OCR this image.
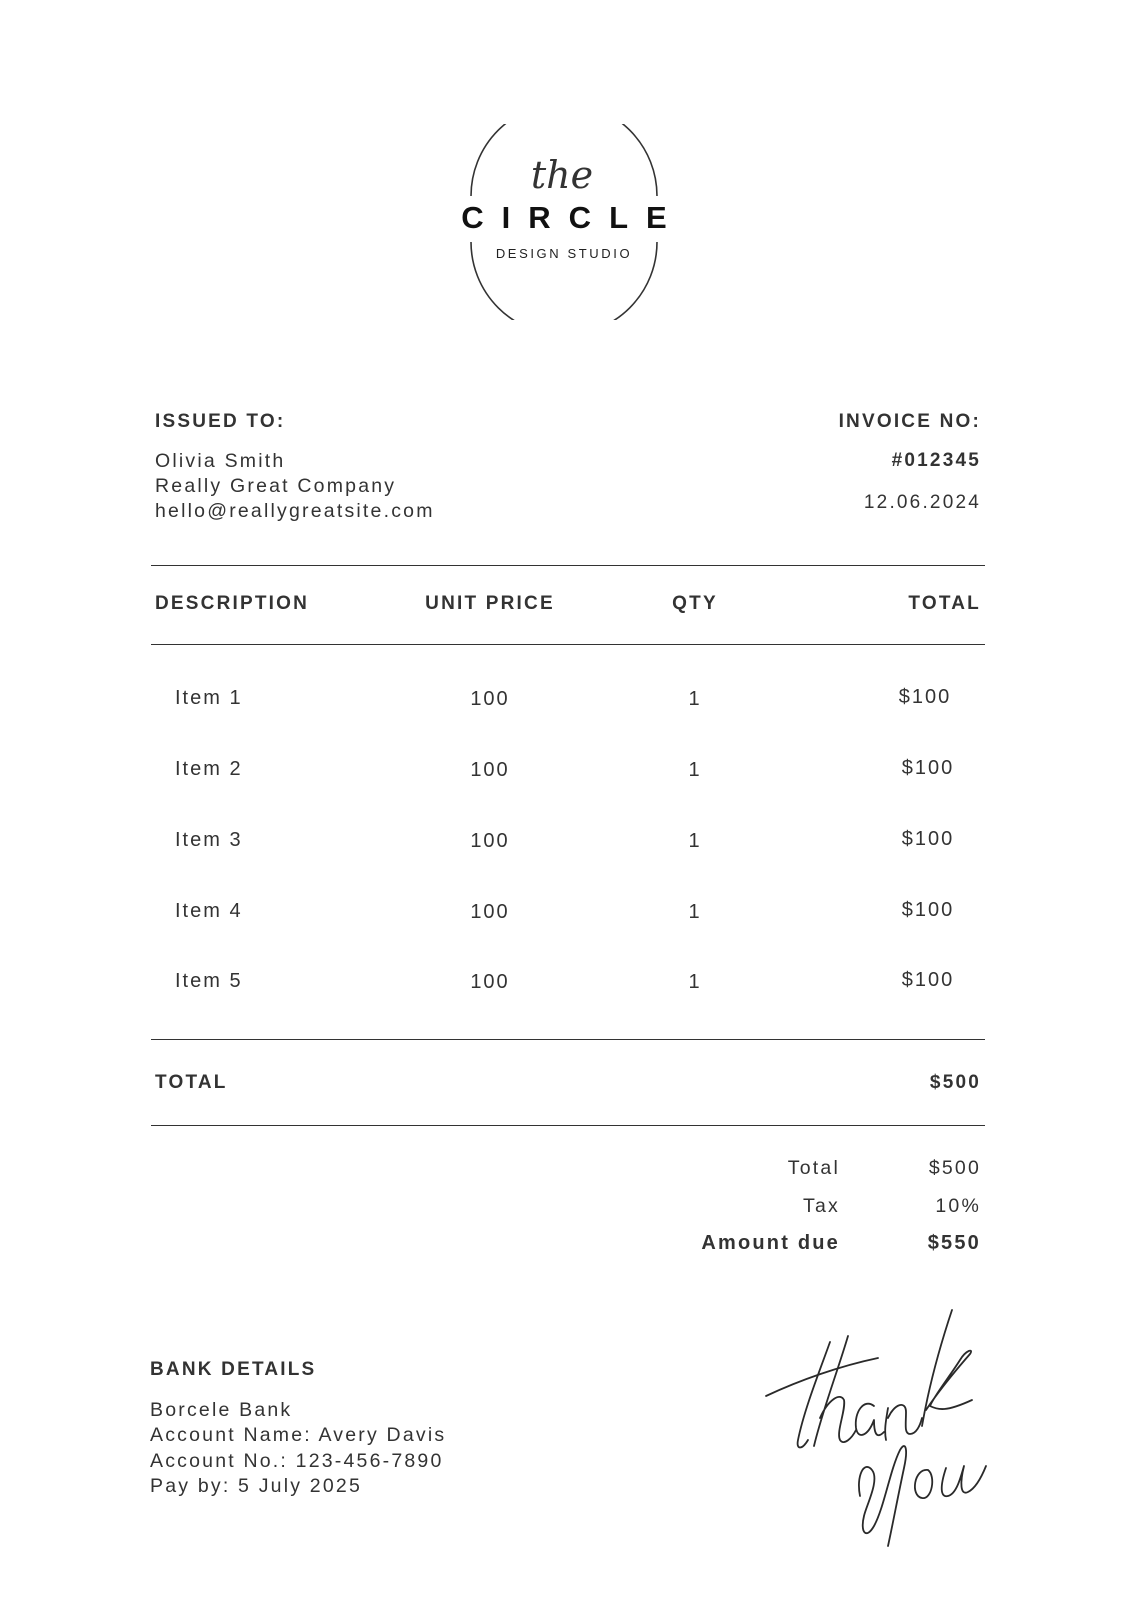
the
CIRCLE
DESIGN STUDIO
ISSUED TO:
Olivia Smith
Really Great Company
hello@reallygreatsite.com
INVOICE NO:
#012345
12.06.2024
DESCRIPTION	UNIT PRICE	QTY	TOTAL
Item 1	100	1	$100
Item 2	100	1	$100
Item 3	100	1	$100
Item 4	100	1	$100
Item 5	100	1	$100
TOTAL	$500
Total	$500
Tax	10%
Amount due	$550
BANK DETAILS
Borcele Bank
Account Name: Avery Davis
Account No.: 123-456-7890
Pay by: 5 July 2025
